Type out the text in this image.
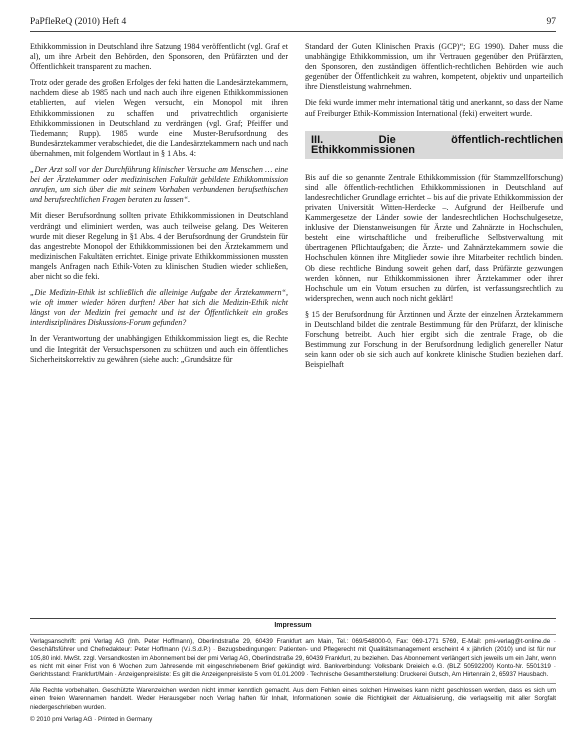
PaPfleReQ (2010) Heft 4	97

Ethikkommission in Deutschland ihre Satzung 1984 veröffentlicht (vgl. Graf et al), um ihre Arbeit den Behörden, den Sponsoren, den Prüfärzten und der Öffentlichkeit transparent zu machen.

Trotz oder gerade des großen Erfolges der feki hatten die Landesärztekammern, nachdem diese ab 1985 nach und nach auch ihre eigenen Ethikkommissionen etablierten, auf vielen Wegen versucht, ein Monopol mit ihren Ethikkommissionen zu schaffen und privatrechtlich organisierte Ethikkommissionen in Deutschland zu verdrängen (vgl. Graf; Pfeiffer und Tiedemann; Rupp). 1985 wurde eine Muster-Berufsordnung des Bundesärztekammer verabschiedet, die die Landesärztekammern nach und nach übernahmen, mit folgendem Wortlaut in § 1 Abs. 4:

„Der Arzt soll vor der Durchführung klinischer Versuche am Menschen … eine bei der Ärztekammer oder medizinischen Fakultät gebildete Ethikkommission anrufen, um sich über die mit seinem Vorhaben verbundenen berufsethischen und berufsrechtlichen Fragen beraten zu lassen“.

Mit dieser Berufsordnung sollten private Ethikkommissionen in Deutschland verdrängt und eliminiert werden, was auch teilweise gelang. Des Weiteren wurde mit dieser Regelung in §1 Abs. 4 der Berufsordnung der Grundstein für das angestrebte Monopol der Ethikkommissionen bei den Ärztekammern und medizinischen Fakultäten errichtet. Einige private Ethikkommissionen mussten mangels Anfragen nach Ethik-Voten zu klinischen Studien wieder schließen, aber nicht so die feki.

„Die Medizin-Ethik ist schließlich die alleinige Aufgabe der Ärztekammern“, wie oft immer wieder hören durften! Aber hat sich die Medizin-Ethik nicht längst von der Medizin frei gemacht und ist der Öffentlichkeit ein großes interdisziplinäres Diskussions-Forum gefunden?

In der Verantwortung der unabhängigen Ethikkommission liegt es, die Rechte und die Integrität der Versuchspersonen zu schützen und auch ein öffentliches Sicherheitskorrektiv zu gewähren (siehe auch: „Grundsätze für

Standard der Guten Klinischen Praxis (GCP)“; EG 1990). Daher muss die unabhängige Ethikkommission, um ihr Vertrauen gegenüber den Prüfärzten, den Sponsoren, den zuständigen öffentlich-rechtlichen Behörden wie auch gegenüber der Öffentlichkeit zu wahren, kompetent, objektiv und unparteilich ihre Dienstleistung wahrnehmen.

Die feki wurde immer mehr international tätig und anerkannt, so dass der Name auf Freiburger Ethik-Kommission International (feki) erweitert wurde.

III. Die öffentlich-rechtlichen Ethikkommissionen

Bis auf die so genannte Zentrale Ethikkommission (für Stammzellforschung) sind alle öffentlich-rechtlichen Ethikkommissionen in Deutschland auf landesrechtlicher Grundlage errichtet – bis auf die private Ethikkommission der privaten Universität Witten-Herdecke –. Aufgrund der Heilberufe und Kammergesetze der Länder sowie der landesrechtlichen Hochschulgesetze, inklusive der Dienstanweisungen für Ärzte und Zahnärzte in Hochschulen, besteht eine wirtschaftliche und freiberufliche Selbstverwaltung mit übertragenen Pflichtaufgaben; die Ärzte- und Zahnärztekammern sowie die Hochschulen können ihre Mitglieder sowie ihre Mitarbeiter rechtlich binden. Ob diese rechtliche Bindung soweit gehen darf, dass Prüfärzte gezwungen werden können, nur Ethikkommissionen ihrer Ärztekammer oder ihrer Hochschule um ein Votum ersuchen zu dürfen, ist verfassungsrechtlich zu widersprechen, wenn auch noch nicht geklärt!

§ 15 der Berufsordnung für Ärztinnen und Ärzte der einzelnen Ärztekammern in Deutschland bildet die zentrale Bestimmung für den Prüfarzt, der klinische Forschung betreibt. Auch hier ergibt sich die zentrale Frage, ob die Bestimmung zur Forschung in der Berufsordnung lediglich genereller Natur sein kann oder ob sie sich auch auf konkrete klinische Studien beziehen darf. Beispielhaft

Impressum

Verlagsanschrift: pmi Verlag AG (Inh. Peter Hoffmann), Oberlindstraße 29, 60439 Frankfurt am Main, Tel.: 069/548000-0, Fax: 069-1771 5769, E-Mail: pmi-verlag@t-online.de · Geschäftsführer und Chefredakteur: Peter Hoffmann (V.i.S.d.P.) · Bezugsbedingungen: Patienten- und Pflegerecht mit Qualitätsmanagement erscheint 4 x jährlich (2010) und ist für nur 105,80 inkl. MwSt. zzgl. Versandkosten im Abonnement bei der pmi Verlag AG, Oberlindstraße 29, 60439 Frankfurt, zu beziehen. Das Abonnement verlängert sich jeweils um ein Jahr, wenn es nicht mit einer Frist von 6 Wochen zum Jahresende mit eingeschriebenem Brief gekündigt wird. Bankverbindung: Volksbank Dreieich e.G. (BLZ 50592200) Konto-Nr. 5501319 · Gerichtsstand: Frankfurt/Main · Anzeigenpreisliste: Es gilt die Anzeigenpreisliste 5 vom 01.01.2009 · Technische Gesamtherstellung: Druckerei Gutsch, Am Hirtenrain 2, 65937 Hausbach.

Alle Rechte vorbehalten. Geschützte Warenzeichen werden nicht immer kenntlich gemacht. Aus dem Fehlen eines solchen Hinweises kann nicht geschlossen werden, dass es sich um einen freien Warennamen handelt. Weder Herausgeber noch Verlag haften für Inhalt, Informationen sowie die Richtigkeit der Aktualisierung, die verlagseitig mit aller Sorgfalt niedergeschrieben wurden.

© 2010 pmi Verlag AG · Printed in Germany
